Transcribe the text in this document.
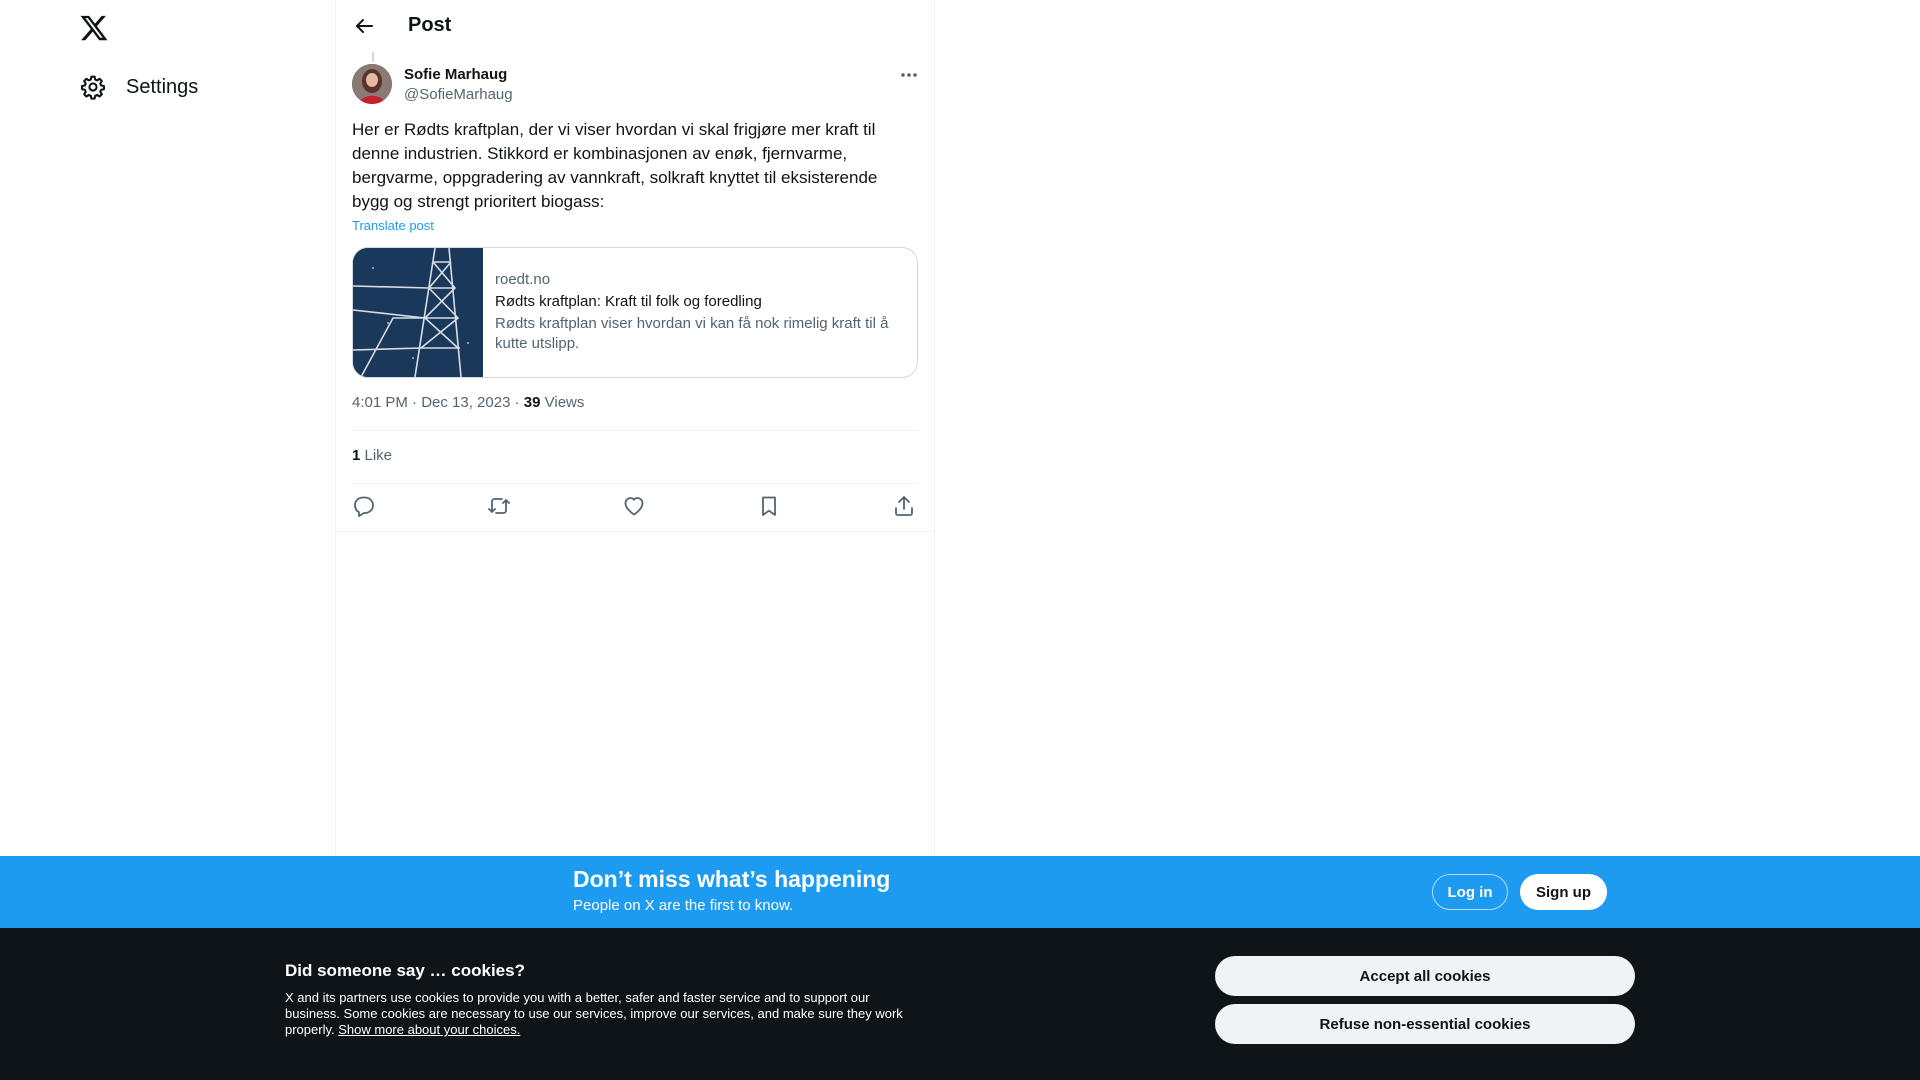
Settings
Post
Sofie Marhaug
@SofieMarhaug
Her er Rødts kraftplan, der vi viser hvordan vi skal frigjøre mer kraft til denne industrien. Stikkord er kombinasjonen av enøk, fjernvarme, bergvarme, oppgradering av vannkraft, solkraft knyttet til eksisterende bygg og strengt prioritert biogass:
Translate post
roedt.no
Rødts kraftplan: Kraft til folk og foredling
Rødts kraftplan viser hvordan vi kan få nok rimelig kraft til å kutte utslipp.
4:01 PM · Dec 13, 2023 · 39 Views
1 Like
Don’t miss what’s happening
People on X are the first to know.
Log in	Sign up
Did someone say … cookies?
X and its partners use cookies to provide you with a better, safer and faster service and to support our business. Some cookies are necessary to use our services, improve our services, and make sure they work properly. Show more about your choices.
Accept all cookies
Refuse non-essential cookies
